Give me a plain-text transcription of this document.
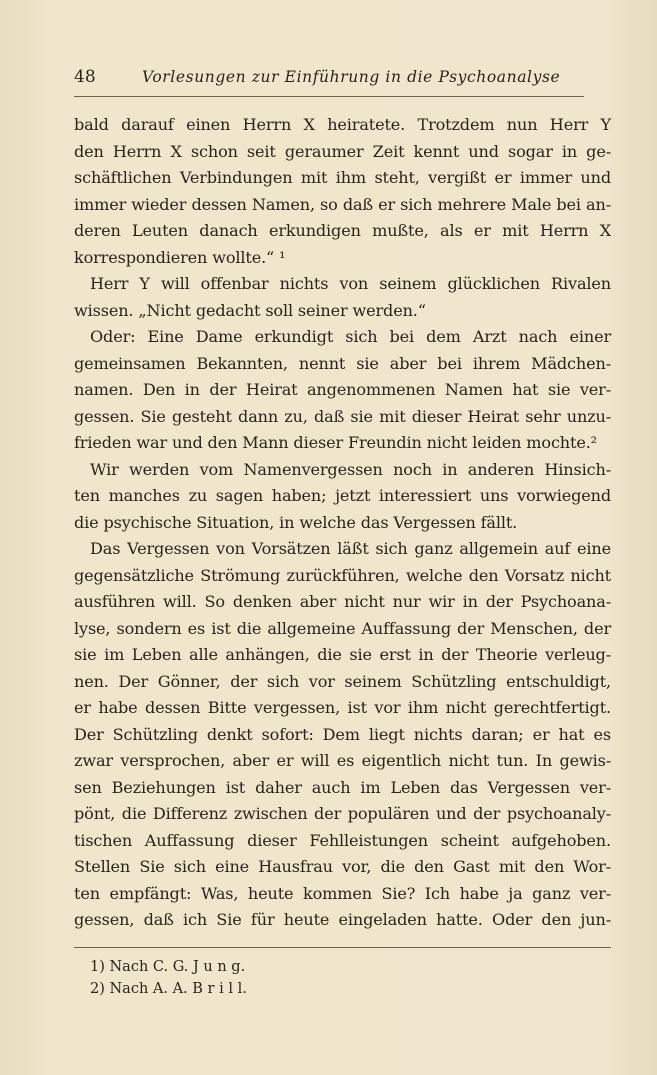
48	Vorlesungen zur Einführung in die Psychoanalyse
bald darauf einen Herrn X heiratete. Trotzdem nun Herr Y
den Herrn X schon seit geraumer Zeit kennt und sogar in ge-
schäftlichen Verbindungen mit ihm steht, vergißt er immer und
immer wieder dessen Namen, so daß er sich mehrere Male bei an-
deren Leuten danach erkundigen mußte, als er mit Herrn X
korrespondieren wollte.“ ¹
Herr Y will offenbar nichts von seinem glücklichen Rivalen
wissen. „Nicht gedacht soll seiner werden.“
Oder: Eine Dame erkundigt sich bei dem Arzt nach einer
gemeinsamen Bekannten, nennt sie aber bei ihrem Mädchen-
namen. Den in der Heirat angenommenen Namen hat sie ver-
gessen. Sie gesteht dann zu, daß sie mit dieser Heirat sehr unzu-
frieden war und den Mann dieser Freundin nicht leiden mochte.²
Wir werden vom Namenvergessen noch in anderen Hinsich-
ten manches zu sagen haben; jetzt interessiert uns vorwiegend
die psychische Situation, in welche das Vergessen fällt.
Das Vergessen von Vorsätzen läßt sich ganz allgemein auf eine
gegensätzliche Strömung zurückführen, welche den Vorsatz nicht
ausführen will. So denken aber nicht nur wir in der Psychoana-
lyse, sondern es ist die allgemeine Auffassung der Menschen, der
sie im Leben alle anhängen, die sie erst in der Theorie verleug-
nen. Der Gönner, der sich vor seinem Schützling entschuldigt,
er habe dessen Bitte vergessen, ist vor ihm nicht gerechtfertigt.
Der Schützling denkt sofort: Dem liegt nichts daran; er hat es
zwar versprochen, aber er will es eigentlich nicht tun. In gewis-
sen Beziehungen ist daher auch im Leben das Vergessen ver-
pönt, die Differenz zwischen der populären und der psychoanaly-
tischen Auffassung dieser Fehlleistungen scheint aufgehoben.
Stellen Sie sich eine Hausfrau vor, die den Gast mit den Wor-
ten empfängt: Was, heute kommen Sie? Ich habe ja ganz ver-
gessen, daß ich Sie für heute eingeladen hatte. Oder den jun-
1) Nach C. G. J u n g.
2) Nach A. A. B r i l l.
